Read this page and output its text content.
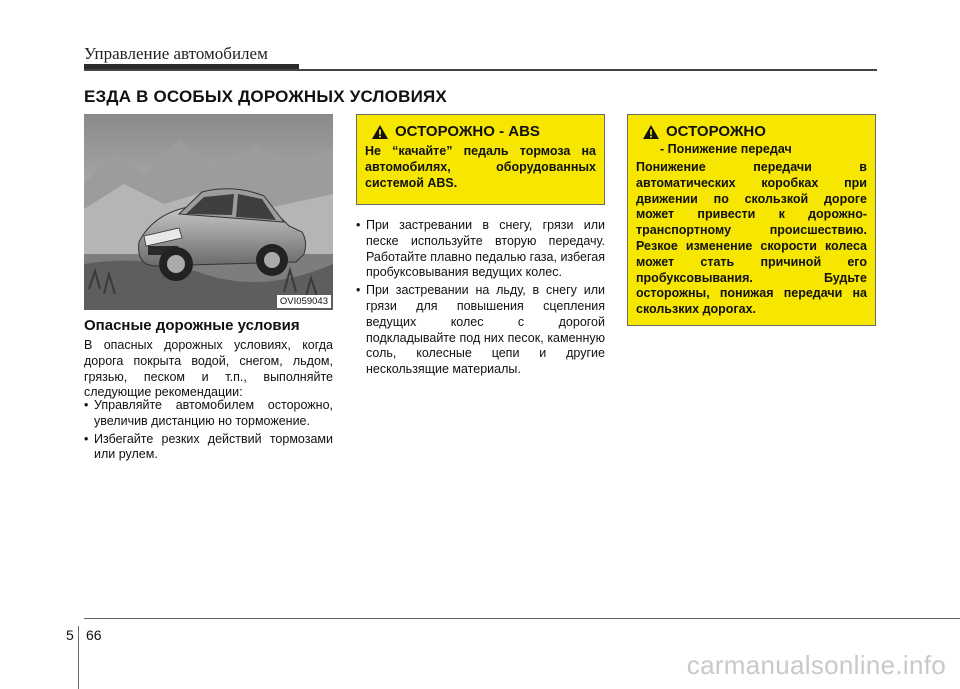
Управление автомобилем
ЕЗДА В ОСОБЫХ ДОРОЖНЫХ УСЛОВИЯХ
OVI059043
Опасные дорожные условия
В опасных дорожных условиях, когда дорога покрыта водой, снегом, льдом, грязью, песком и т.п., выполняйте следующие рекомендации:
• Управляйте автомобилем осторожно, увеличив дистанцию но торможение.
• Избегайте резких действий тормозами или рулем.
ОСТОРОЖНО - ABS
Не “качайте” педаль тормоза на автомобилях, оборудованных системой ABS.
• При застревании в снегу, грязи или песке используйте вторую передачу. Работайте плавно педалью газа, избегая пробуксовывания ведущих колес.
• При застревании на льду, в снегу или грязи для повышения сцепления ведущих колес с дорогой подкладывайте под них песок, каменную соль, колесные цепи и другие нескользящие материалы.
ОСТОРОЖНО
- Понижение передач
Понижение передачи в автоматических коробках при движении по скользкой дороге может привести к дорожно-транспортному происшествию. Резкое изменение скорости колеса может стать причиной его пробуксовывания. Будьте осторожны, понижая передачи на скользких дорогах.
5 66
carmanualsonline.info
